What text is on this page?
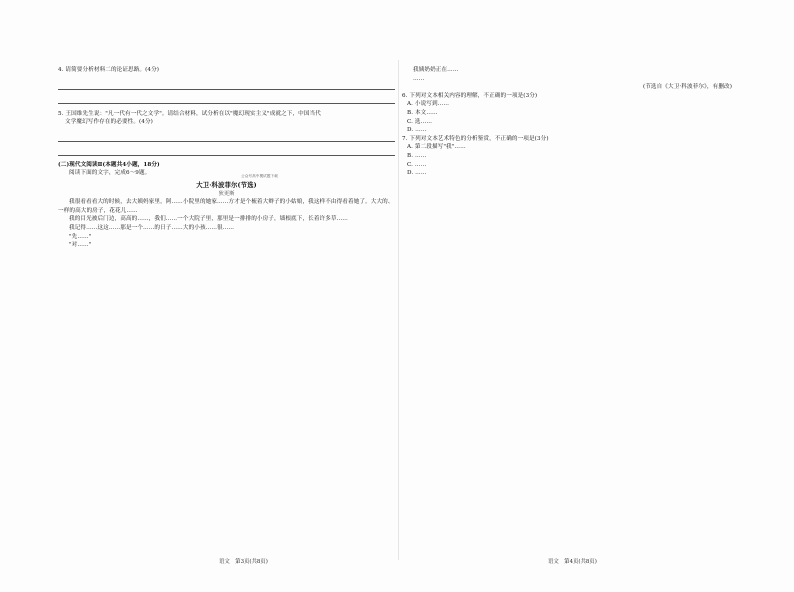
4. 请简要分析材料二的论证思路。(4分)

5. 王国维先生说："凡一代有一代之文学"。请结合材料，试分析在以"魔幻现实主义"成就之下，中国当代

文学魔幻写作存在的必要性。(4分)

(二)现代文阅读Ⅱ(本题共4小题，18分)

阅读下面的文字，完成6～9题。

大卫·科波菲尔(节选)
公众号高中模试题下载

狄更斯

我很看看看大的时候，去大姨妈家里，阿……小院里的她家……方才是个梳着大辫子的小姑娘，我这样不由得看着她了。大大的、一样的高大的房子，花花儿……

我的目光被后门边，高高的……，我们……一个大院子里，那里是一排排的小房子，墙根底下，长着许多草……

我记得……这这……那是一个……的日子……大的小孩……很……

"先……"

"对……"

我姨奶奶正在……

……

(节选自《大卫·科波菲尔》，有删改)

6. 下列对文本相关内容的理解，不正确的一项是(3分)

A. 小说写到……

B. 本文……

C. 选……

D. ……

7. 下列对文本艺术特色的分析鉴赏，不正确的一项是(3分)

A. 第二段描写"我"……

B. ……

C. ……

D. ……

语文　第3页(共8页)	语文　第4页(共8页)
